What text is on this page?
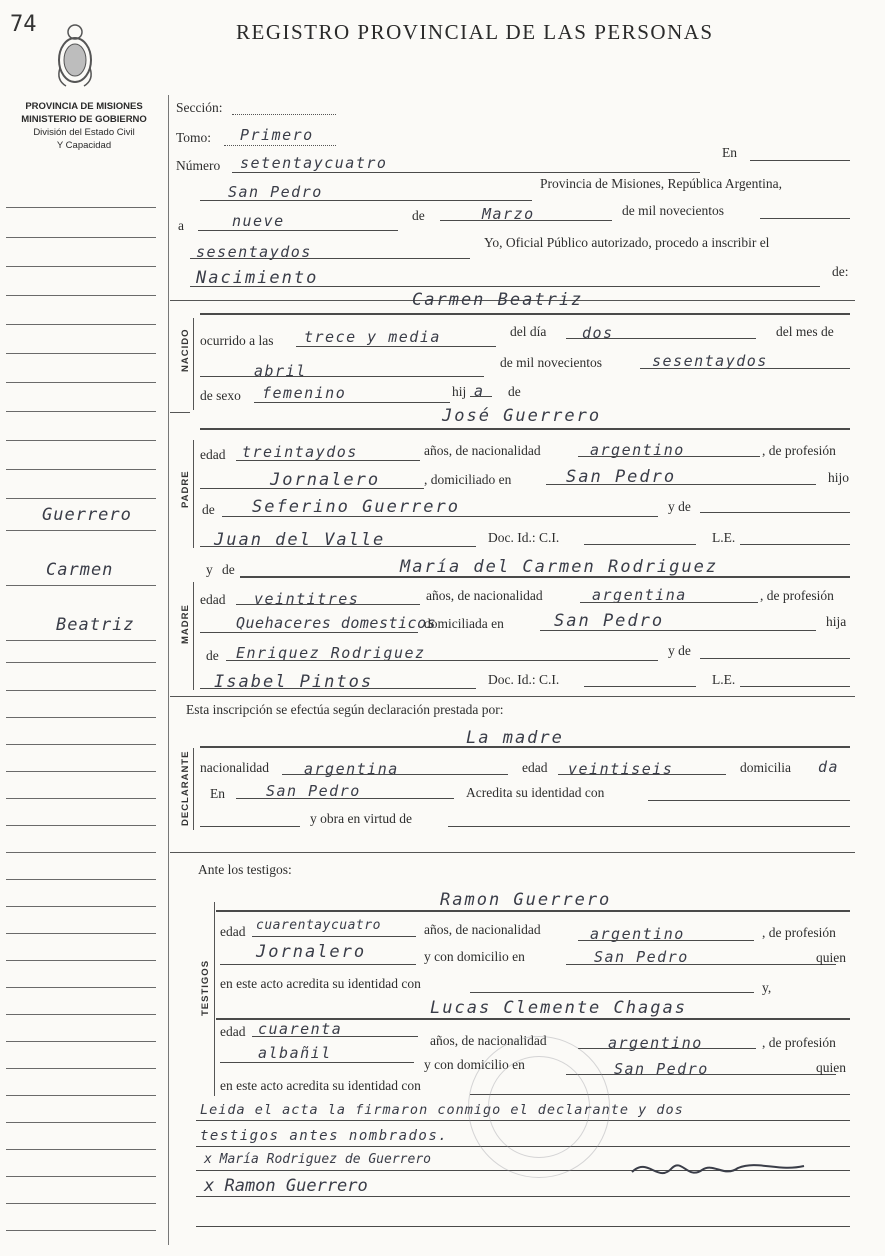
74	REGISTRO PROVINCIAL DE LAS PERSONAS
PROVINCIA DE MISIONES
MINISTERIO DE GOBIERNO
División del Estado Civil
Y Capacidad
Guerrero
Carmen
Beatriz
Sección:
Tomo: Primero
Número setentaycuatro
En
San Pedro	Provincia de Misiones, República Argentina,
a	nueve	de	Marzo	de mil novecientos
sesentaydos
Yo, Oficial Público autorizado, procedo a inscribir el
Nacimiento	de:
NACIDO
Carmen Beatriz
ocurrido a las trece y media	del día dos	del mes de
abril	de mil novecientos	sesentaydos
de sexo femenino	hij a de
José Guerrero
PADRE
edad treintaydos	años, de nacionalidad	argentino	, de profesión
Jornalero	, domiciliado en	San Pedro	hijo
de Seferino Guerrero	y de
Juan del Valle	Doc. Id.: C.I.	L.E.
y de	María del Carmen Rodriguez
MADRE
edad veintitres	años, de nacionalidad	argentina	, de profesión
Quehaceres domesticos
domiciliada en	San Pedro	hija
de Enriquez Rodriguez	y de
Isabel Pintos	Doc. Id.: C.I.	L.E.
Esta inscripción se efectúa según declaración prestada por:
La madre
DECLARANTE nacionalidad argentina	edad veintiseis	domicilia da
En	San Pedro	Acredita su identidad con
y obra en virtud de
Ante los testigos:
TESTIGOS
Ramon Guerrero
edad cuarentaycuatro	años, de nacionalidad	argentino	, de profesión
Jornalero	y con domicilio en	San Pedro	quien
en este acto acredita su identidad con	y,
Lucas Clemente Chagas
edad cuarenta
años, de nacionalidad	argentino	, de profesión
albañil
y con domicilio en	San Pedro	quien
en este acto acredita su identidad con
Leida el acta la firmaron conmigo el declarante y dos
testigos antes nombrados.
x María Rodriguez de Guerrero
x Ramon Guerrero
